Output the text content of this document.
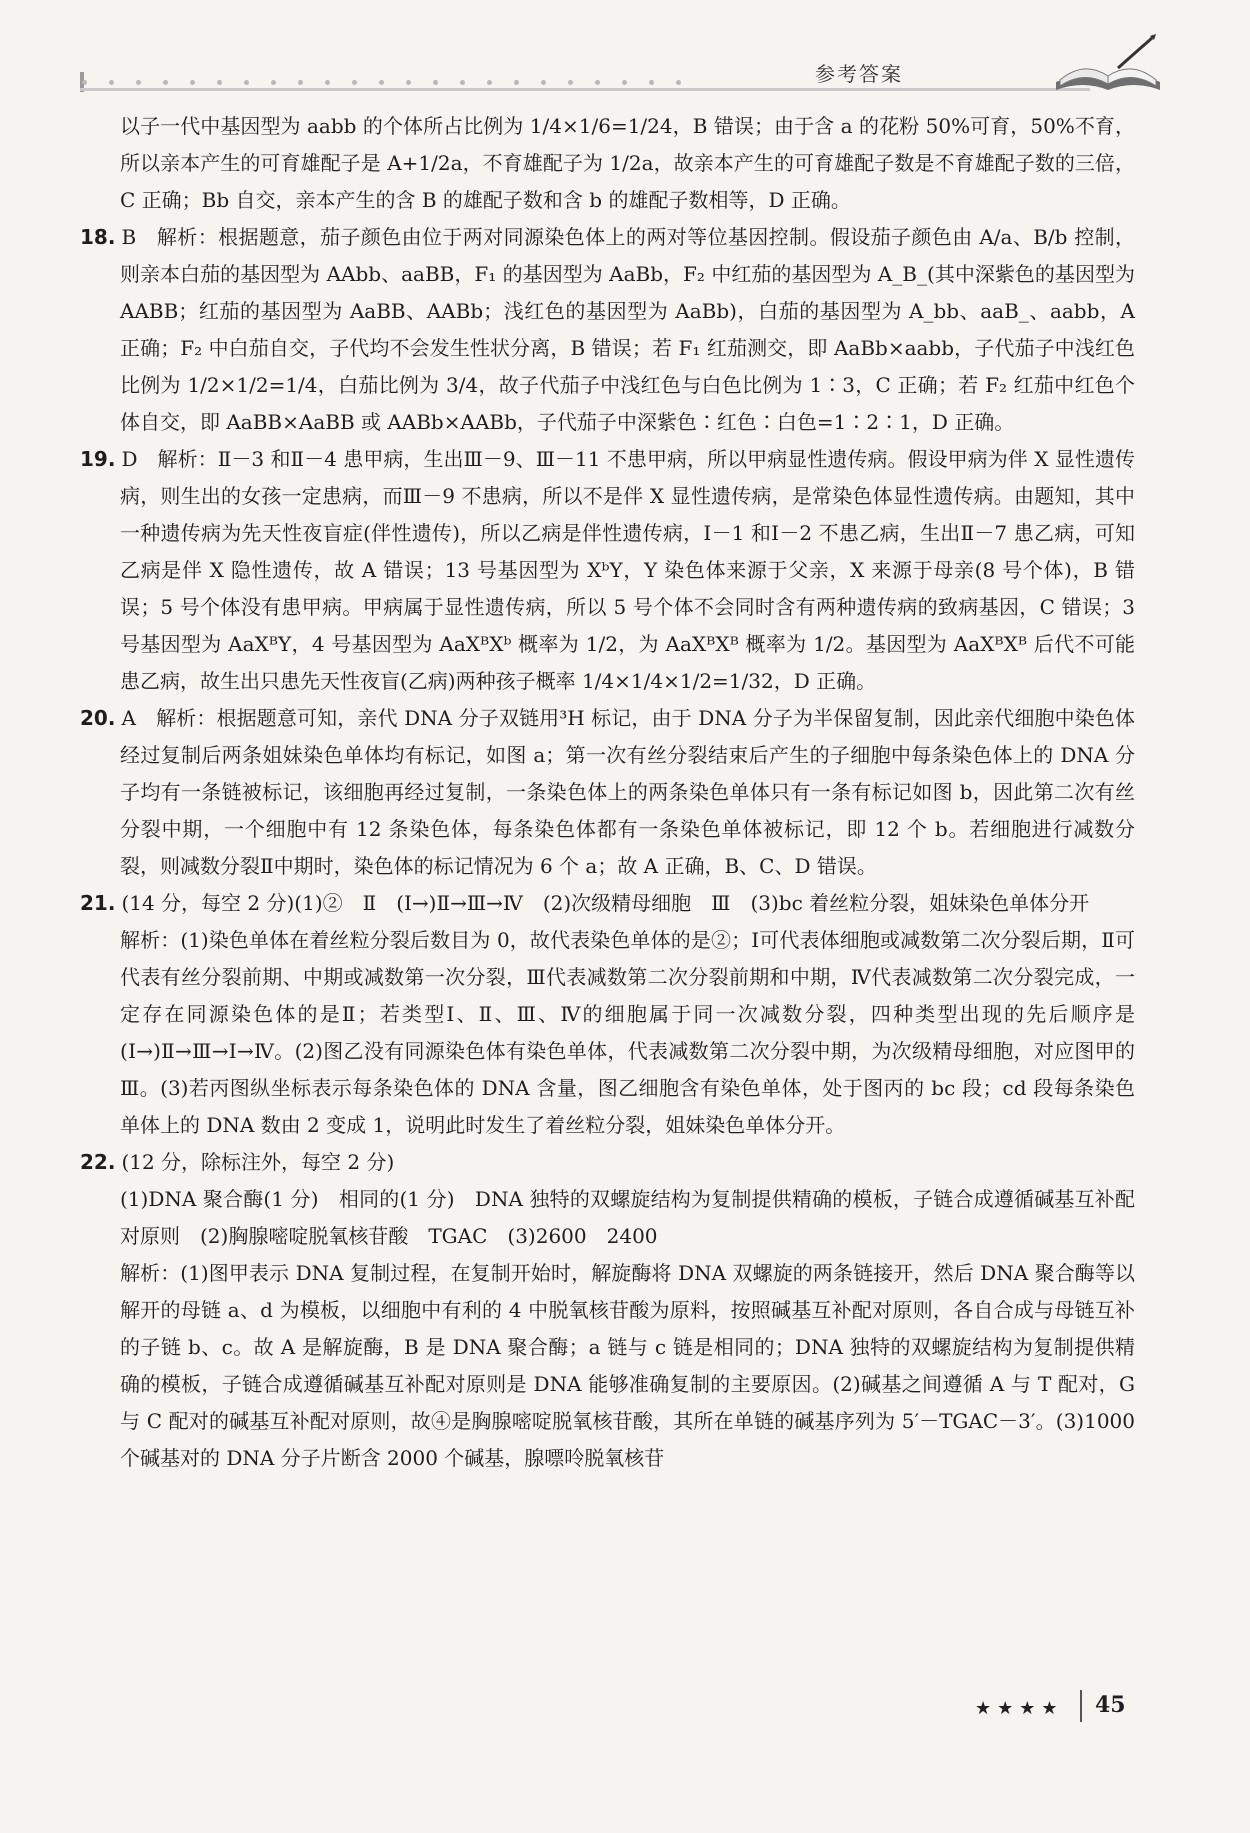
参考答案

以子一代中基因型为 aabb 的个体所占比例为 1/4×1/6=1/24，B 错误；由于含 a 的花粉 50%可育，50%不育，所以亲本产生的可育雄配子是 A+1/2a，不育雄配子为 1/2a，故亲本产生的可育雄配子数是不育雄配子数的三倍，C 正确；Bb 自交，亲本产生的含 B 的雄配子数和含 b 的雄配子数相等，D 正确。

18. B　解析：根据题意，茄子颜色由位于两对同源染色体上的两对等位基因控制。假设茄子颜色由 A/a、B/b 控制，则亲本白茄的基因型为 AAbb、aaBB，F₁ 的基因型为 AaBb，F₂ 中红茄的基因型为 A_B_(其中深紫色的基因型为 AABB；红茄的基因型为 AaBB、AABb；浅红色的基因型为 AaBb)，白茄的基因型为 A_bb、aaB_、aabb，A 正确；F₂ 中白茄自交，子代均不会发生性状分离，B 错误；若 F₁ 红茄测交，即 AaBb×aabb，子代茄子中浅红色比例为 1/2×1/2=1/4，白茄比例为 3/4，故子代茄子中浅红色与白色比例为 1∶3，C 正确；若 F₂ 红茄中红色个体自交，即 AaBB×AaBB 或 AABb×AABb，子代茄子中深紫色∶红色∶白色=1∶2∶1，D 正确。

19. D　解析：Ⅱ－3 和Ⅱ－4 患甲病，生出Ⅲ－9、Ⅲ－11 不患甲病，所以甲病显性遗传病。假设甲病为伴 X 显性遗传病，则生出的女孩一定患病，而Ⅲ－9 不患病，所以不是伴 X 显性遗传病，是常染色体显性遗传病。由题知，其中一种遗传病为先天性夜盲症(伴性遗传)，所以乙病是伴性遗传病，Ⅰ－1 和Ⅰ－2 不患乙病，生出Ⅱ－7 患乙病，可知乙病是伴 X 隐性遗传，故 A 错误；13 号基因型为 XᵇY，Y 染色体来源于父亲，X 来源于母亲(8 号个体)，B 错误；5 号个体没有患甲病。甲病属于显性遗传病，所以 5 号个体不会同时含有两种遗传病的致病基因，C 错误；3 号基因型为 AaXᴮY，4 号基因型为 AaXᴮXᵇ 概率为 1/2，为 AaXᴮXᴮ 概率为 1/2。基因型为 AaXᴮXᴮ 后代不可能患乙病，故生出只患先天性夜盲(乙病)两种孩子概率 1/4×1/4×1/2=1/32，D 正确。

20. A　解析：根据题意可知，亲代 DNA 分子双链用³H 标记，由于 DNA 分子为半保留复制，因此亲代细胞中染色体经过复制后两条姐妹染色单体均有标记，如图 a；第一次有丝分裂结束后产生的子细胞中每条染色体上的 DNA 分子均有一条链被标记，该细胞再经过复制，一条染色体上的两条染色单体只有一条有标记如图 b，因此第二次有丝分裂中期，一个细胞中有 12 条染色体，每条染色体都有一条染色单体被标记，即 12 个 b。若细胞进行减数分裂，则减数分裂Ⅱ中期时，染色体的标记情况为 6 个 a；故 A 正确，B、C、D 错误。

21. (14 分，每空 2 分)(1)②　Ⅱ　(Ⅰ→)Ⅱ→Ⅲ→Ⅳ　(2)次级精母细胞　Ⅲ　(3)bc 着丝粒分裂，姐妹染色单体分开

解析：(1)染色单体在着丝粒分裂后数目为 0，故代表染色单体的是②；Ⅰ可代表体细胞或减数第二次分裂后期，Ⅱ可代表有丝分裂前期、中期或减数第一次分裂，Ⅲ代表减数第二次分裂前期和中期，Ⅳ代表减数第二次分裂完成，一定存在同源染色体的是Ⅱ；若类型Ⅰ、Ⅱ、Ⅲ、Ⅳ的细胞属于同一次减数分裂，四种类型出现的先后顺序是(Ⅰ→)Ⅱ→Ⅲ→Ⅰ→Ⅳ。(2)图乙没有同源染色体有染色单体，代表减数第二次分裂中期，为次级精母细胞，对应图甲的Ⅲ。(3)若丙图纵坐标表示每条染色体的 DNA 含量，图乙细胞含有染色单体，处于图丙的 bc 段；cd 段每条染色单体上的 DNA 数由 2 变成 1，说明此时发生了着丝粒分裂，姐妹染色单体分开。

22. (12 分，除标注外，每空 2 分)

(1)DNA 聚合酶(1 分)　相同的(1 分)　DNA 独特的双螺旋结构为复制提供精确的模板，子链合成遵循碱基互补配对原则　(2)胸腺嘧啶脱氧核苷酸　TGAC　(3)2600　2400

解析：(1)图甲表示 DNA 复制过程，在复制开始时，解旋酶将 DNA 双螺旋的两条链接开，然后 DNA 聚合酶等以解开的母链 a、d 为模板，以细胞中有利的 4 中脱氧核苷酸为原料，按照碱基互补配对原则，各自合成与母链互补的子链 b、c。故 A 是解旋酶，B 是 DNA 聚合酶；a 链与 c 链是相同的；DNA 独特的双螺旋结构为复制提供精确的模板，子链合成遵循碱基互补配对原则是 DNA 能够准确复制的主要原因。(2)碱基之间遵循 A 与 T 配对，G 与 C 配对的碱基互补配对原则，故④是胸腺嘧啶脱氧核苷酸，其所在单链的碱基序列为 5′－TGAC－3′。(3)1000 个碱基对的 DNA 分子片断含 2000 个碱基，腺嘌呤脱氧核苷

★★★★ 45
